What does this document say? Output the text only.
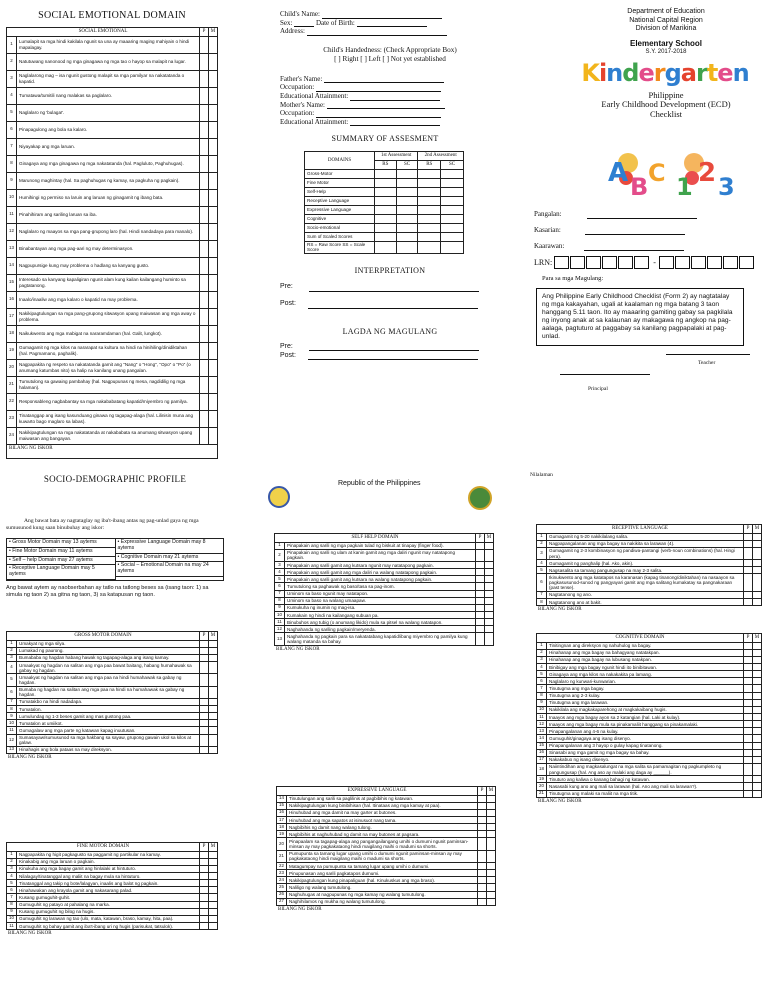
SOCIAL EMOTIONAL DOMAIN
SOCIAL EMOTIONAL		P	M
1	Lumalapit sa mga hindi kakilala ngunit sa una ay maaaring maging mahiyain o hindi mapalagay.		
2	Natutuwang nanonood ng mga ginagawa ng mga tao o hayop sa malapit na lugar.		
3	Naglalarong mag – isa ngunit gustong malapit sa mga pamilyar na nakatatanda o kapatid.		
4	Tumatawa/tumitili nang malakas sa paglalaro.		
5	Naglalaro ng 'bulaga!'.		
6	Pinapagulong ang bola sa kalaro.		
7	Niyayakap ang mga laruan.		
8	Ginagaya ang mga ginagawa ng mga nakatatanda (hal. Pagluluto, Paghuhugas).		
9	Marunong maghintay (hal. Sa paghuhugas ng kamay, sa pagkuha ng pagkain).		
10	Humihingi ng permiso na laruin ang laruan ng ginagamit ng ibang bata.		
11	Pinahihiram ang sariling laruan sa iba.		
12	Naglalaro ng maayos sa mga pang-grupong laro (hal. Hindi nandadaya para manalo).		
13	Binabantayan ang mga pag-aari ng may determinasyon.		
14	Nagpupursige kung may problema o hadlang sa kanyang gusto.		
15	Interesado sa kanyang kapaligiran ngunit alam kung kailan kailangang huminto sa pagtatanong.		
16	Inaalo/inaaliw ang mga kalaro o kapatid na may problema.		
17	Nakikipagtulungan sa mga pang-grupong sitwasyon upang maiwasan ang mga away o problema.		
18	Naikukwento ang mga mabigat na nararamdaman (hal. Galit, lungkot).		
19	Gumagamit ng mga kilos na nararapat sa kultura na hindi na hinihiling/dinidiktahan (hal. Pagmamano, paghalik).		
20	Nagpapakita ng respeto sa nakatatanda gamit ang "Nang" o "Hong", "Opo" o "Po" (o anumang katumbas nito) sa halip na kanilang unang pangalan.		
21	Tumutulong sa gawaing pambahay (hal. Nagpupunas ng mesa, nagdidilig ng mga halaman).		
22	Responsableng nagbabantay sa mga nakababatang kapatid/miyembro ng pamilya.		
23	Tinatanggap ang isang kasunduang ginawa ng tagapag-alaga (hal. Lilinisin muna ang kuwarto bago maglaro sa labas).		
24	Nakikipagtulungan sa mga nakatatanda at nakababata sa anumang sitwasyon upang maiwasan ang bangayan.		
BILANG NG ISKOR
Child's Name:
Sex:	Date of Birth:
Address:
Child's Handedness: (Check Appropriate Box)
[ ] Right [ ] Left [ ] Not yet established
Father's Name:
Occupation:
Educational Attainment:
Mother's Name:
Occupation:
Educational Attainment:
SUMMARY OF ASSESMENT
DOMAINS	1st Assessment		2nd Assessment	
	RS	SC	RS	SC
Gross-Motor				
Fine Motor				
Self-Help				
Receptive Language				
Expressive Language				
Cognitive				
Socio-emotional				
Sum of Scaled Scores				
RS = Raw Score SS = Scale Score				
INTERPRETATION
Pre:
Post:
LAGDA NG MAGULANG
Pre:
Post:
Department of Education
National Capital Region
Division of Marikina
Elementary School
S.Y. 2017-2018
Kindergarten
Philippine
Early Childhood Development (ECD)
Checklist
A B C 1 2 3
Pangalan:
Kasarian:
Kaarawan:
LRN:	-
Para sa mga Magulang:
Ang Philippine Early Childhood Checklist (Form 2) ay nagtatalay ng mga kakayahan, ugali at kaalaman ng mga batang 3 taon hanggang 5.11 taon. Ito ay maaaring gamiting gabay sa pagkilala ng inyong anak at sa kalaunan ay makagawa ng angkop na pag-aalaga, pagtuturo at paggabay sa kanilang pagpapalaki at pag-unlad.
Teacher
Principal
Nilalaman
SOCIO-DEMOGRAPHIC PROFILE
Ang bawat bata ay nagtataglay ng iba't-ibang antas ng pag-unlad gaya ng mga sumusunod kung saan binubuhay ang iskor:
• Gross Motor Domain may 13 aytems
• Fine Motor Domain may 11 aytems
• Self – help Domain may 27 aytems
• Receptive Language Domain may 5 aytems

• Expressive Language Domain may 8 aytems
• Cognitive Domain may 21 aytems
• Social – Emotional Domain na may 24 aytems
Ang bawat aytem ay naobserbahan ay tatlo na tatlong beses sa (isang taon: 1) sa simula ng taon 2) sa gitna ng taon, 3) sa katapusan ng taon.
Republic of the Philippines
GROSS MOTOR DOMAIN		P	M
1	Umakyat ng mga silya.		
2	Lumakad ng paurong.		
3	Bumababa ng hagdan habang hawak ng tagapag-alaga ang isang kamay.		
4	Umaakyat ng hagdan na salitan ang mga paa bawat baitang, habang humahawak sa gabay ng hagdan.		
5	Umaakyat ng hagdan na salitan ang mga paa na hindi humahawak sa gabay ng hagdan.		
6	Bumaba ng hagdan na salitan ang mga paa na hindi na humahawak sa gabay ng hagdan.		
7	Tumatakbo na hindi nadadapa.		
8	Tumatalon.		
9	Lumulundag ng 1-3 beses gamit ang mas gustong paa.		
10	Tumatalon at umiikot.		
11	Gumagalaw ang mga parte ng katawan kapag inuutusan.		
12	Sumasayaw/sumusunod sa mga hakbang sa sayaw, grupong gawain ukol sa kilos at galaw.		
13	Hinahagis ang bola pataas na may direksyon.		
BILANG NG ISKOR
FINE MOTOR DOMAIN		P	M
1	Nagpapakita ng higit pagkagusto sa paggamit ng partikular na kamay.		
2	Kinakabig ang mga laruan o pagkain.		
3	Kinukuha ang mga bagay gamit ang hinlalaki at hintuturo.		
4	Nilalagay/tinatanggal ang maliit na bagay mula sa hintuturo.		
5	Tinatanggal ang takip ng bote/lalagyan, inaalis ang balot ng pagkain.		
6	Hinahawakan ang krayola gamit ang nakasarang palad.		
7	Kusang gumuguhit-guhit.		
8	Gumuguhit ng patayo at pahalang na marka.		
9	Kusang gumuguhit ng bilog na hugis.		
10	Gumuguhit ng larawan ng tao (ulo, mata, katawan, braso, kamay, hita, paa).		
11	Gumuguhit ng bahay gamit ang iba't-ibang uri ng hugis (parisukat, tatsulok).		
BILANG NG ISKOR
SELF HELP DOMAIN		P	M
1	Pinapakain ang sarili ng mga pagkain tulad ng biskuit at tinapay (finger food).		
2	Pinapakain ang sarili ng ulam at kanin gamit ang mga daliri ngunit may natatapong pagkain.		
3	Pinapakain ang sarili gamit ang kutsara ngunit may natatapong pagkain.		
4	Pinapakain ang sarili gamit ang mga daliri na walang natatapong pagkain.		
5	Pinapakain ang sarili gamit ang kutsara na walang natatapong pagkain.		
6	Tumutulong sa paghawak ng baso/tasa sa pag-inom.		
7	Uminom sa baso ngunit may natatapon.		
8	Uminom sa baso na walang umaapaw.		
9	Kumukuha ng inumin ng mag-isa.		
10	Kumakain ng hindi na kailangang subuan pa.		
11	Binubuhos ang tubig (o anumang likido) mula sa pitsel na walang natatapon.		
12	Naghahanda ng sariling pagkain/meryenda.		
13	Naghahanda ng pagkain para sa nakatatabang kapatid/ibang miyembro ng pamilya kung walang matanda sa bahay.		
BILANG NG ISKOR
EXPRESSIVE LANGUAGE		P	M
14	Tinutulungan ang sarili sa paglilinis at pagbibihis ng katawan.		
15	Nakikipagtulungan kung binibihisan (hal. Itinataas ang mga kamay at paa).		
16	Hinuhubad ang mga damit na may garter at butones.		
17	Hinuhubad ang mga sapatos at isinusuot nang tama.		
18	Nagbibihis ng damit nang walang tulong.		
19	Nagbibihis at naghuhubad ng damit na may butones at pagsara.		
20	Pinapaalam sa tagapag-alaga ang pangangailangang umihi o dumumi ngunit paminsan-minsan ay may pagkakataong hindi maigilang maihi o madumi sa shorts.		
21	Pumupunta sa tamang lugar upang umihi o dumumi ngunit paminsan-minsan ay may pagkakataong hindi maigilang maihi o madumi sa shorts.		
22	Matagumpay na pumupunta sa tamang lugar upang umihi o dumumi.		
23	Pinupunasan ang sarili pagkatapos dumumi.		
24	Nakikipagtulungan kung pinapaliguan (hal. Kinukuskus ang mga braso).		
25	Naliligo ng walang tumutulong.		
26	Naghuhugas at nagpupunas ng mga kamay ng walang tumutulong.		
27	Naghihilamos ng mukha ng walang tumutulong.		
BILANG NG ISKOR
RECEPTIVE LANGUAGE		P	M
1	Gumagamit ng 5-20 nakikilalang salita.		
2	Nagpapangalanan ang mga bagay na nakikita sa larawan (4).		
3	Gumagamit ng 2-3 kombinasyon ng pandiwa-pantangi (verb-noun combinations) (hal. Hingi pera).		
4	Gumagamit ng panghalip (hal. Ako, akin).		
5	Nagsasalita sa tamang pangungusap na may 2-3 salita.		
6	Ikinukwento ang mga katatapos na karanasan (kapag tinanong/diniktahan) na nasaayon sa pagkasusunod-sunod ng pangyayari gamit ang mga salitang kumakatay sa pangnakaraan (past tense).		
7	Nagtatanong ng ano.		
8	Nagtatanong ano at bakit.		
BILANG NG ISKOR
COGNITIVE DOMAIN		P	M
1	Tinitingnan ang direksyon ng nahuhulog na bagay.		
2	Hinahanap ang mga bagay na bahagyang natatakpan.		
3	Hinahanap ang mga bagay na lubusang natakpan.		
4	Binibigay ang mga bagay ngunit hindi ito binibitawan.		
5	Ginagaya ang mga kilos na nakakakita pa lamang.		
6	Naglalaro ng kunwari-kunwarian.		
7	Tinutugma ang mga bagay.		
8	Tinutugma ang 2-3 kulay.		
9	Tinutugma ang mga larawan.		
10	Nakikilala ang magkakaparehong at magkakaibang hugis.		
11	Inaayos ang mga bagay ayon sa 2 katangian (hal. Laki at kulay).		
12	Inaayos ang mga bagay mula sa pinakamaliit hanggang sa pinakamalaki.		
13	Pinapangalanan ang 4-6 na kulay.		
14	Gumuguhit/ginagaya ang isang disenyo.		
15	Pinapangalanan ang 3 hayop o gulay kapag tinatanong.		
16	Sinasabi ang mga gamit ng mga bagay sa bahay.		
17	Nakakabuo ng isang disenyo.		
18	Naiintindihan ang magkasalungat na mga salita sa pamamagitan ng pagkumpleto ng pangungusap (hal. Ang aso ay malaki ang daga ay ______).		
19	Tinuturo ang kaliwa o kanang bahagi ng katawan.		
20	Nasasabi kung ano ang mali sa larawan (hal. Ano ang mali sa larawan?).		
21	Tinutugma ang malaki sa maliit na mga titik.		
BILANG NG ISKOR
